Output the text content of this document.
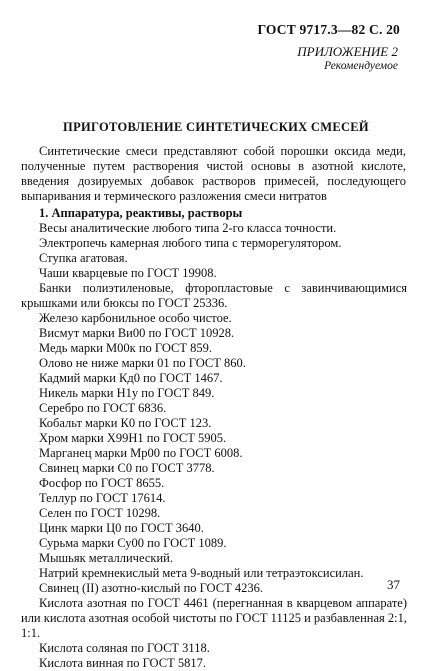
ГОСТ 9717.3—82 С. 20
ПРИЛОЖЕНИЕ 2
Рекомендуемое
ПРИГОТОВЛЕНИЕ СИНТЕТИЧЕСКИХ СМЕСЕЙ

Синтетические смеси представляют собой порошки оксида меди, полученные путем растворения чистой основы в азотной кислоте, введения дозируемых добавок растворов примесей, последующего выпаривания и термического разложения смеси нитратов

1. Аппаратура, реактивы, растворы

Весы аналитические любого типа 2-го класса точности.
Электропечь камерная любого типа с терморегулятором.
Ступка агатовая.
Чаши кварцевые по ГОСТ 19908.
Банки полиэтиленовые, фторопластовые с завинчивающимися крышками или бюксы по ГОСТ 25336.
Железо карбонильное особо чистое.
Висмут марки Ви00 по ГОСТ 10928.
Медь марки М00к по ГОСТ 859.
Олово не ниже марки 01 по ГОСТ 860.
Кадмий марки Кд0 по ГОСТ 1467.
Никель марки Н1у по ГОСТ 849.
Серебро по ГОСТ 6836.
Кобальт марки К0 по ГОСТ 123.
Хром марки Х99Н1 по ГОСТ 5905.
Марганец марки Мр00 по ГОСТ 6008.
Свинец марки С0 по ГОСТ 3778.
Фосфор по ГОСТ 8655.
Теллур по ГОСТ 17614.
Селен по ГОСТ 10298.
Цинк марки Ц0 по ГОСТ 3640.
Сурьма марки Су00 по ГОСТ 1089.
Мышьяк металлический.
Натрий кремнекислый мета 9-водный или тетраэтоксисилан.
Свинец (II) азотно-кислый по ГОСТ 4236.
Кислота азотная по ГОСТ 4461 (перегнанная в кварцевом аппарате) или кислота азотная особой чистоты по ГОСТ 11125 и разбавленная 2:1, 1:1.
Кислота соляная по ГОСТ 3118.
Кислота винная по ГОСТ 5817.
37
